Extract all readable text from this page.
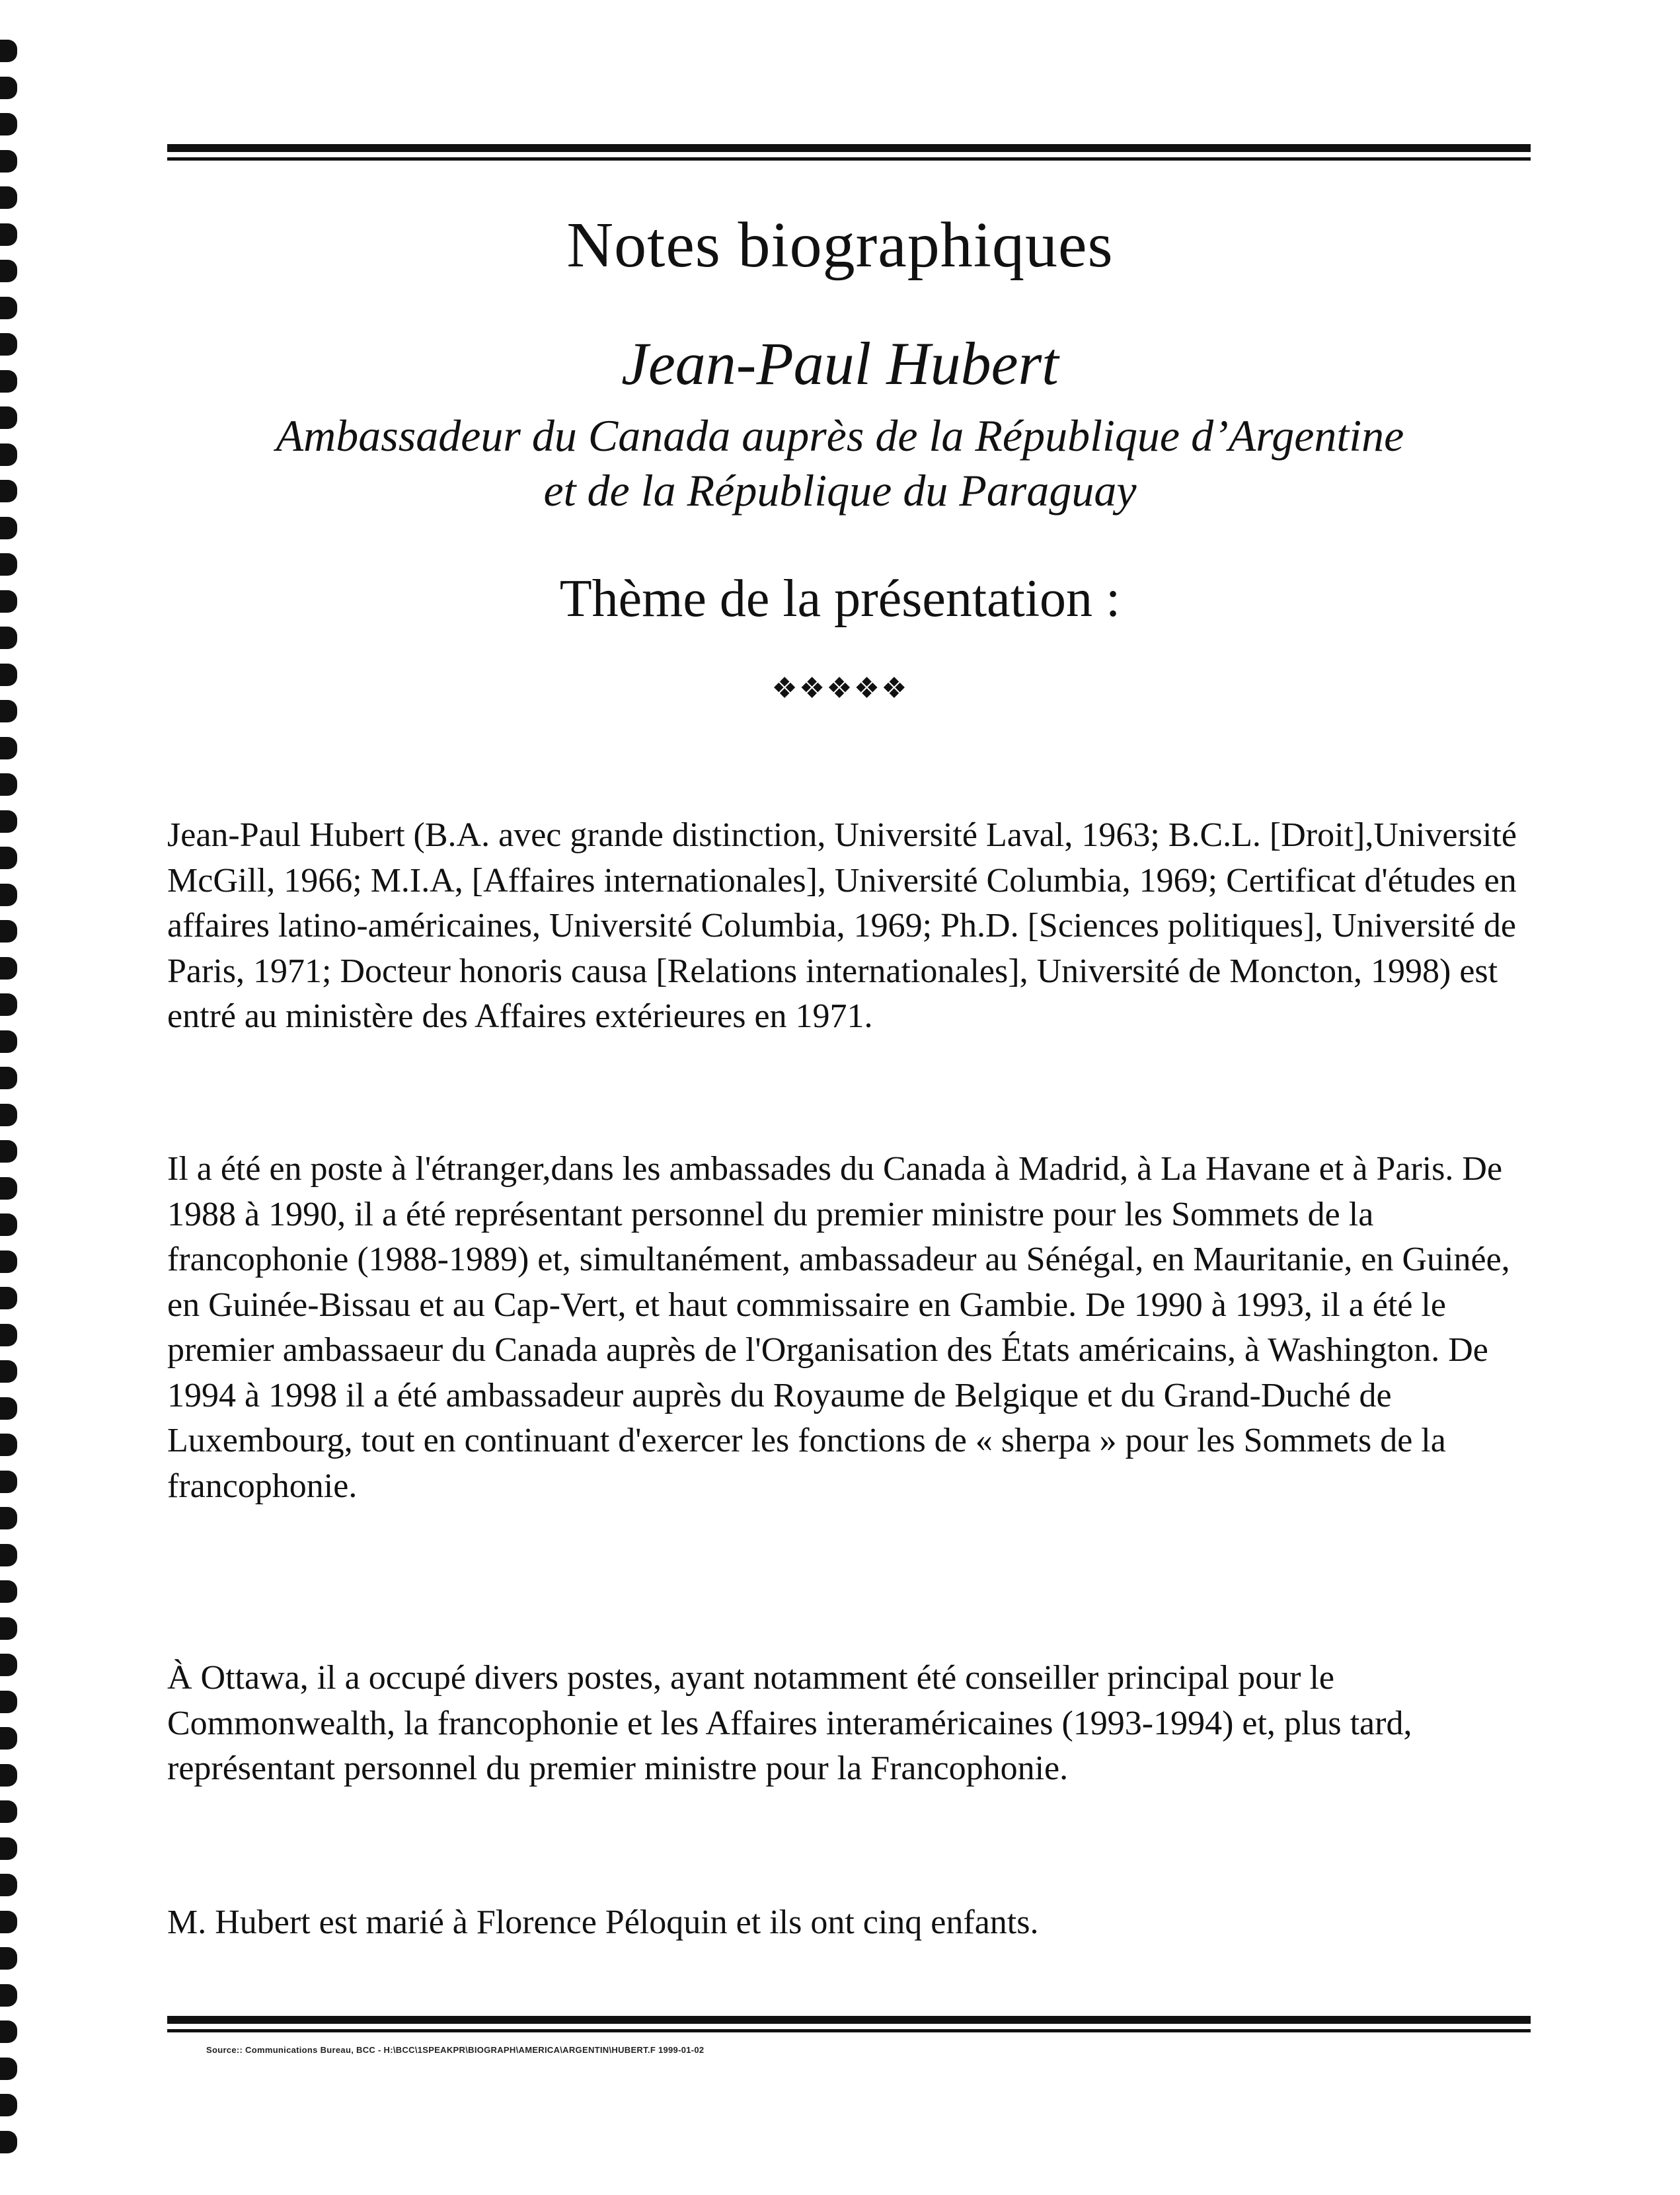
Notes biographiques
Jean-Paul Hubert
Ambassadeur du Canada auprès de la République d’Argentine
et de la République du Paraguay
Thème de la présentation :
❖❖❖❖❖

Jean-Paul Hubert (B.A. avec grande distinction, Université Laval, 1963; B.C.L. [Droit],Université McGill, 1966; M.I.A, [Affaires internationales], Université Columbia, 1969; Certificat d'études en affaires latino-américaines, Université Columbia, 1969; Ph.D. [Sciences politiques], Université de Paris, 1971; Docteur honoris causa [Relations internationales], Université de Moncton, 1998) est entré au ministère des Affaires extérieures en 1971.

Il a été en poste à l'étranger,dans les ambassades du Canada à Madrid, à La Havane et à Paris. De 1988 à 1990, il a été représentant personnel du premier ministre pour les Sommets de la francophonie (1988-1989) et, simultanément, ambassadeur au Sénégal, en Mauritanie, en Guinée, en Guinée-Bissau et au Cap-Vert, et haut commissaire en Gambie. De 1990 à 1993, il a été le premier ambassaeur du Canada auprès de l'Organisation des États américains, à Washington. De 1994 à 1998 il a été ambassadeur auprès du Royaume de Belgique et du Grand-Duché de Luxembourg, tout en continuant d'exercer les fonctions de « sherpa » pour les Sommets de la francophonie.

À Ottawa, il a occupé divers postes, ayant notamment été conseiller principal pour le Commonwealth, la francophonie et les Affaires interaméricaines (1993-1994) et, plus tard, représentant personnel du premier ministre pour la Francophonie.

M. Hubert est marié à Florence Péloquin et ils ont cinq enfants.

Source:: Communications Bureau, BCC - H:\BCC\1SPEAKPR\BIOGRAPH\AMERICA\ARGENTIN\HUBERT.F 1999-01-02
